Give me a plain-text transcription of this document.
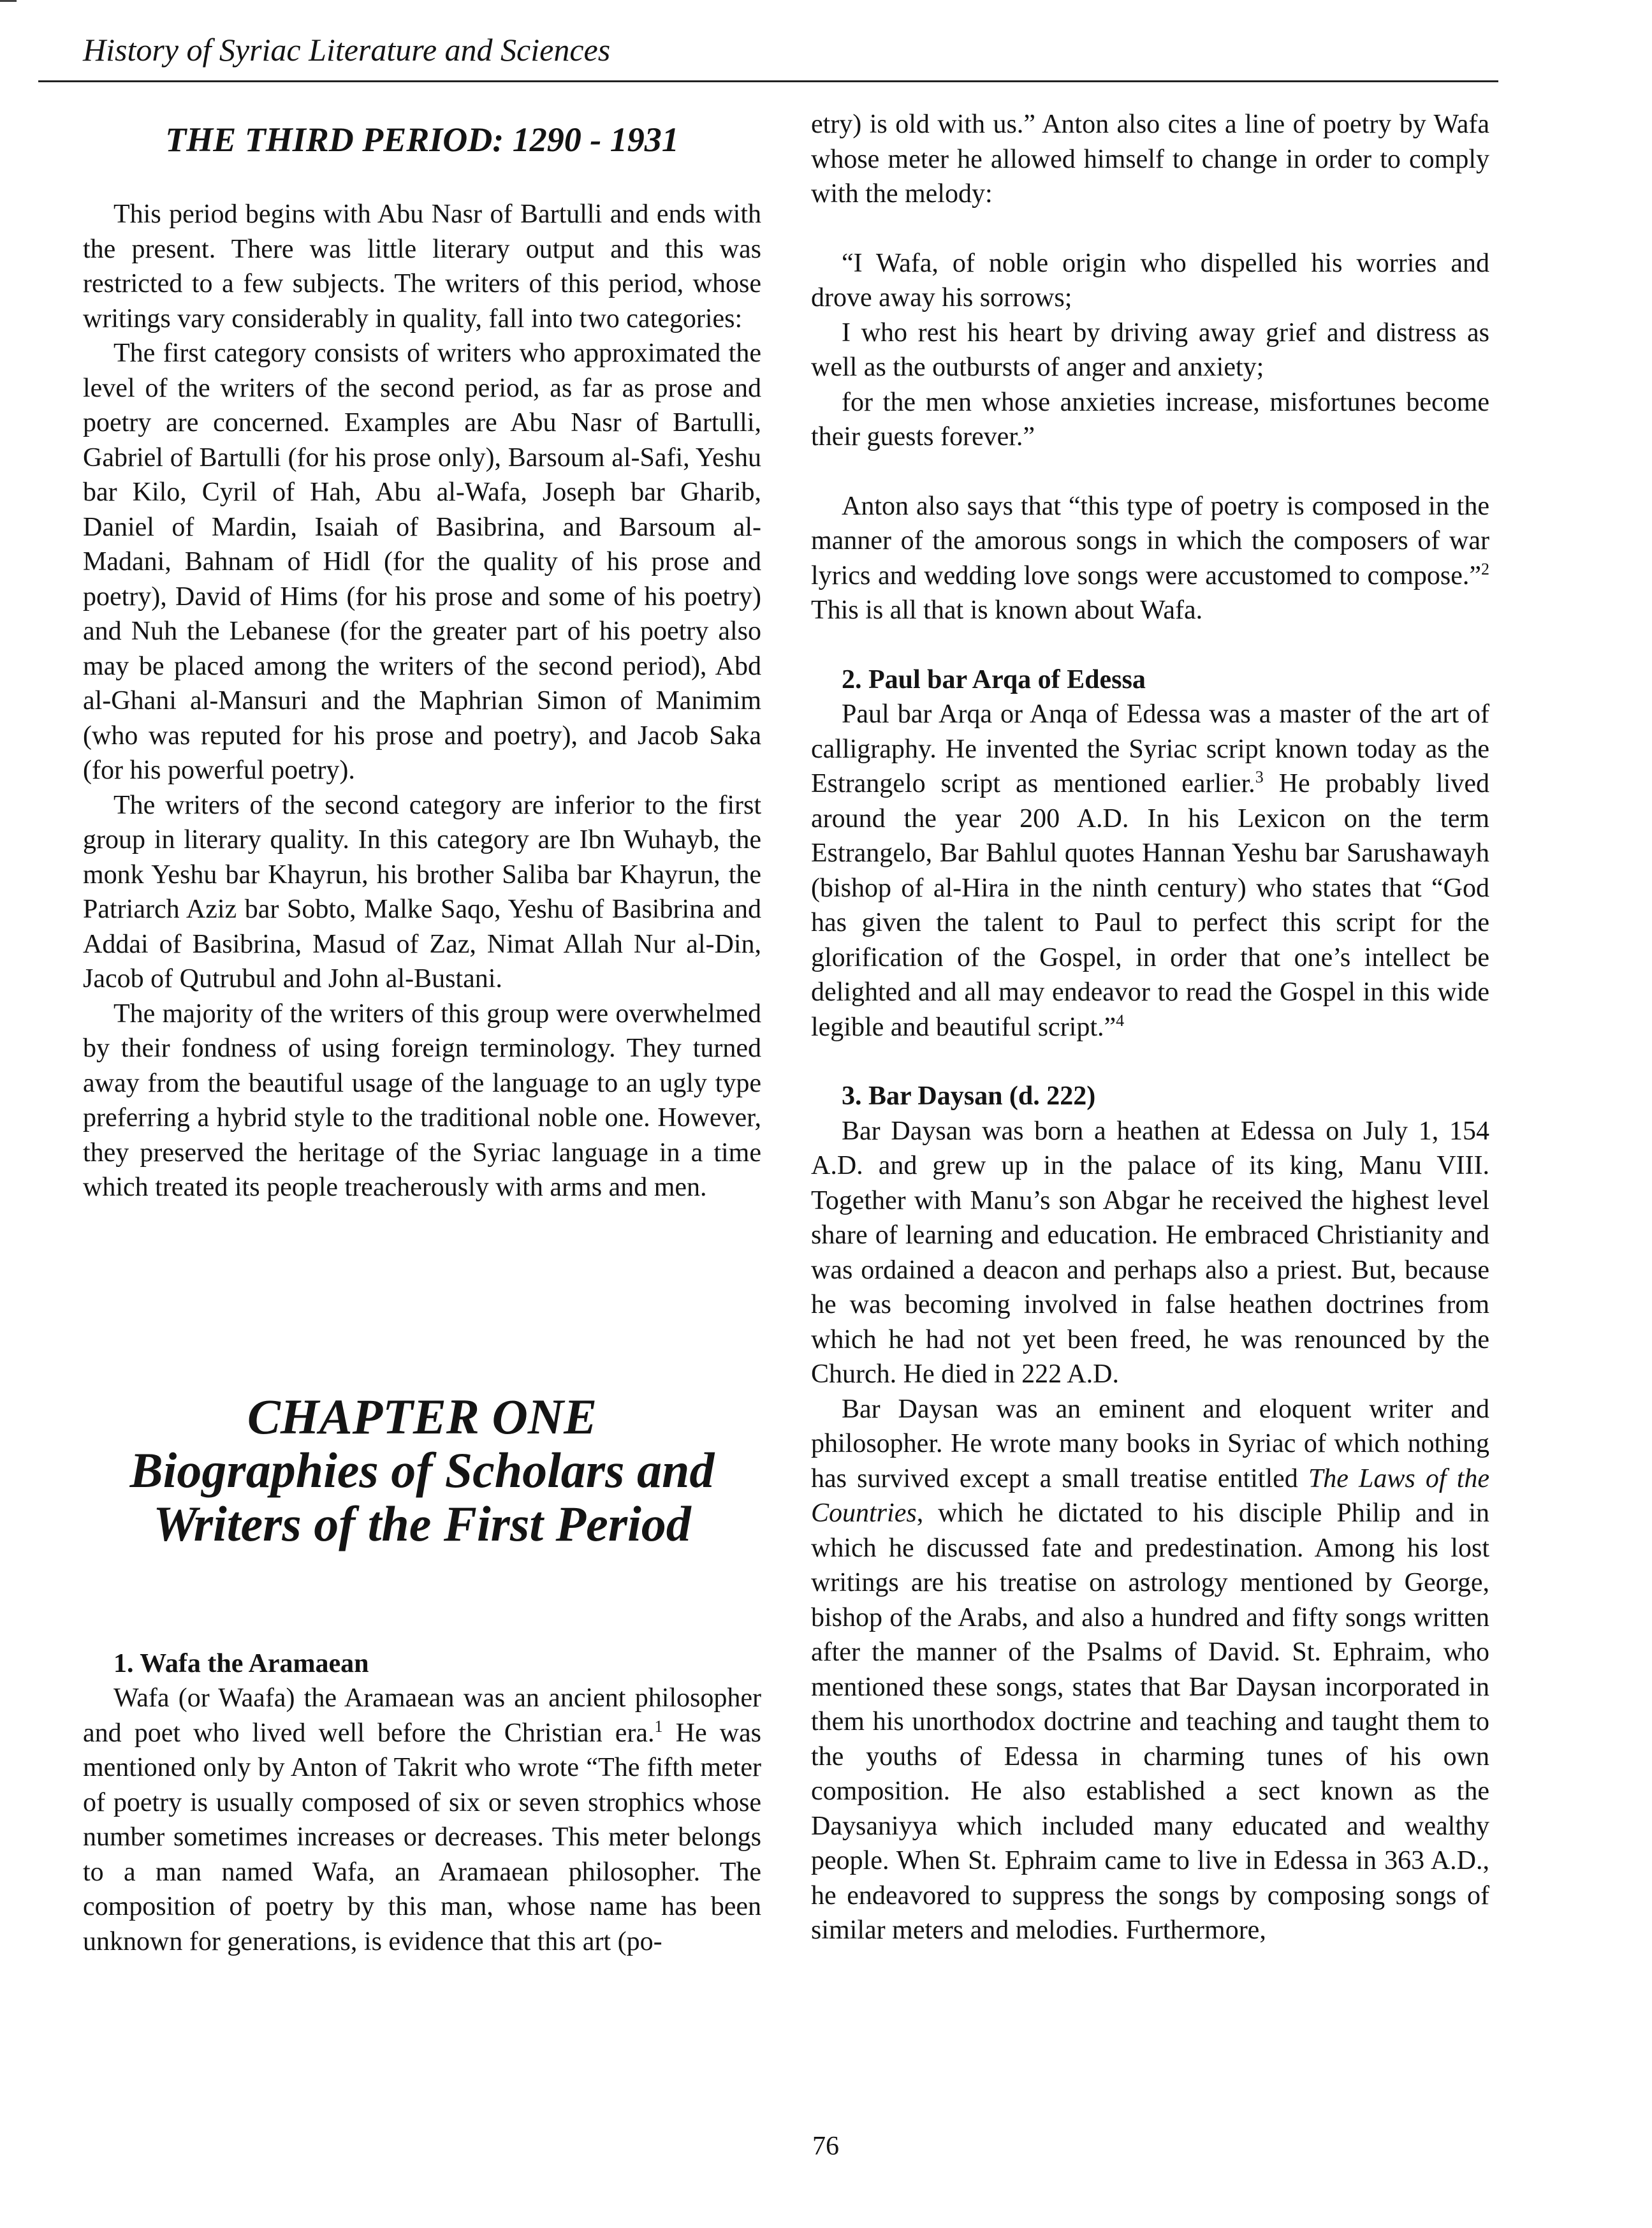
History of Syriac Literature and Sciences
THE THIRD PERIOD: 1290 - 1931

This period begins with Abu Nasr of Bartulli and ends with the present. There was little literary output and this was restricted to a few subjects. The writers of this period, whose writings vary considerably in quality, fall into two categories:

The first category consists of writers who approximated the level of the writers of the second period, as far as prose and poetry are concerned. Examples are Abu Nasr of Bartulli, Gabriel of Bartulli (for his prose only), Barsoum al-Safi, Yeshu bar Kilo, Cyril of Hah, Abu al-Wafa, Joseph bar Gharib, Daniel of Mardin, Isaiah of Basibrina, and Barsoum al-Madani, Bahnam of Hidl (for the quality of his prose and poetry), David of Hims (for his prose and some of his poetry) and Nuh the Lebanese (for the greater part of his poetry also may be placed among the writers of the second period), Abd al-Ghani al-Mansuri and the Maphrian Simon of Manimim (who was reputed for his prose and poetry), and Jacob Saka (for his powerful poetry).

The writers of the second category are inferior to the first group in literary quality. In this category are Ibn Wuhayb, the monk Yeshu bar Khayrun, his brother Saliba bar Khayrun, the Patriarch Aziz bar Sobto, Malke Saqo, Yeshu of Basibrina and Addai of Basibrina, Masud of Zaz, Nimat Allah Nur al-Din, Jacob of Qutrubul and John al-Bustani.

The majority of the writers of this group were overwhelmed by their fondness of using foreign terminology. They turned away from the beautiful usage of the language to an ugly type preferring a hybrid style to the traditional noble one. However, they preserved the heritage of the Syriac language in a time which treated its people treacherously with arms and men.

CHAPTER ONE
Biographies of Scholars and
Writers of the First Period

1. Wafa the Aramaean

Wafa (or Waafa) the Aramaean was an ancient philosopher and poet who lived well before the Christian era.$^1$ He was mentioned only by Anton of Takrit who wrote “The fifth meter of poetry is usually composed of six or seven strophics whose number sometimes increases or decreases. This meter belongs to a man named Wafa, an Aramaean philosopher. The composition of poetry by this man, whose name has been unknown for generations, is evidence that this art (po-

etry) is old with us.” Anton also cites a line of poetry by Wafa whose meter he allowed himself to change in order to comply with the melody:

“I Wafa, of noble origin who dispelled his worries and drove away his sorrows;

I who rest his heart by driving away grief and distress as well as the outbursts of anger and anxiety;

for the men whose anxieties increase, misfortunes become their guests forever.”

Anton also says that “this type of poetry is composed in the manner of the amorous songs in which the composers of war lyrics and wedding love songs were accustomed to compose.”$^2$ This is all that is known about Wafa.

2. Paul bar Arqa of Edessa

Paul bar Arqa or Anqa of Edessa was a master of the art of calligraphy. He invented the Syriac script known today as the Estrangelo script as mentioned earlier.$^3$ He probably lived around the year 200 A.D. In his Lexicon on the term Estrangelo, Bar Bahlul quotes Hannan Yeshu bar Sarushawayh (bishop of al-Hira in the ninth century) who states that “God has given the talent to Paul to perfect this script for the glorification of the Gospel, in order that one’s intellect be delighted and all may endeavor to read the Gospel in this wide legible and beautiful script.”$^4$

3. Bar Daysan (d. 222)

Bar Daysan was born a heathen at Edessa on July 1, 154 A.D. and grew up in the palace of its king, Manu VIII. Together with Manu’s son Abgar he received the highest level share of learning and education. He embraced Christianity and was ordained a deacon and perhaps also a priest. But, because he was becoming involved in false heathen doctrines from which he had not yet been freed, he was renounced by the Church. He died in 222 A.D.

Bar Daysan was an eminent and eloquent writer and philosopher. He wrote many books in Syriac of which nothing has survived except a small treatise entitled The Laws of the Countries, which he dictated to his disciple Philip and in which he discussed fate and predestination. Among his lost writings are his treatise on astrology mentioned by George, bishop of the Arabs, and also a hundred and fifty songs written after the manner of the Psalms of David. St. Ephraim, who mentioned these songs, states that Bar Daysan incorporated in them his unorthodox doctrine and teaching and taught them to the youths of Edessa in charming tunes of his own composition. He also established a sect known as the Daysaniyya which included many educated and wealthy people. When St. Ephraim came to live in Edessa in 363 A.D., he endeavored to suppress the songs by composing songs of similar meters and melodies. Furthermore,

76
